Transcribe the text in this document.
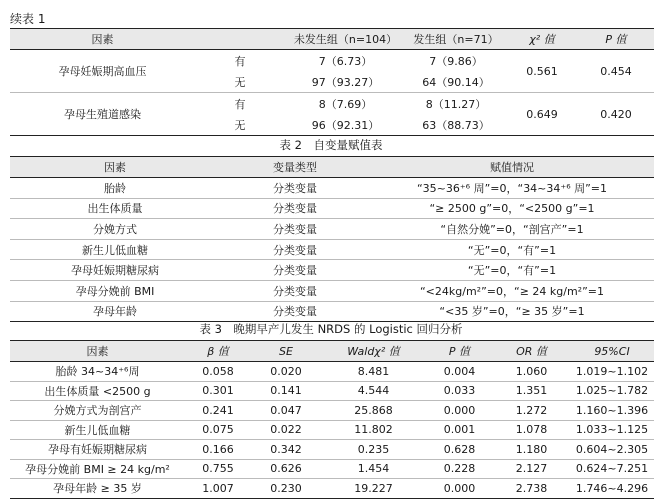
续表 1
因素		未发生组（n=104）	发生组（n=71）	χ² 值	P 值
孕母妊娠期高血压	有	7（6.73）	7（9.86）	0.561	0.454
	无	97（93.27）	64（90.14）		
孕母生殖道感染	有	8（7.69）	8（11.27）	0.649	0.420
	无	96（92.31）	63（88.73）		
表 2　自变量赋值表
因素	变量类型	赋值情况
胎龄	分类变量	“35~36⁺⁶ 周”=0，“34~34⁺⁶ 周”=1
出生体质量	分类变量	“≥ 2500 g”=0，“<2500 g”=1
分娩方式	分类变量	“自然分娩”=0，“剖宫产”=1
新生儿低血糖	分类变量	“无”=0，“有”=1
孕母妊娠期糖尿病	分类变量	“无”=0，“有”=1
孕母分娩前 BMI	分类变量	“<24kg/m²”=0，“≥ 24 kg/m²”=1
孕母年龄	分类变量	“<35 岁”=0，“≥ 35 岁”=1
表 3　晚期早产儿发生 NRDS 的 Logistic 回归分析
因素	β 值	SE	Waldχ² 值	P 值	OR 值	95%CI
胎龄 34~34⁺⁶周	0.058	0.020	8.481	0.004	1.060	1.019~1.102
出生体质量 <2500 g	0.301	0.141	4.544	0.033	1.351	1.025~1.782
分娩方式为剖宫产	0.241	0.047	25.868	0.000	1.272	1.160~1.396
新生儿低血糖	0.075	0.022	11.802	0.001	1.078	1.033~1.125
孕母有妊娠期糖尿病	0.166	0.342	0.235	0.628	1.180	0.604~2.305
孕母分娩前 BMI ≥ 24 kg/m²	0.755	0.626	1.454	0.228	2.127	0.624~7.251
孕母年龄 ≥ 35 岁	1.007	0.230	19.227	0.000	2.738	1.746~4.296
